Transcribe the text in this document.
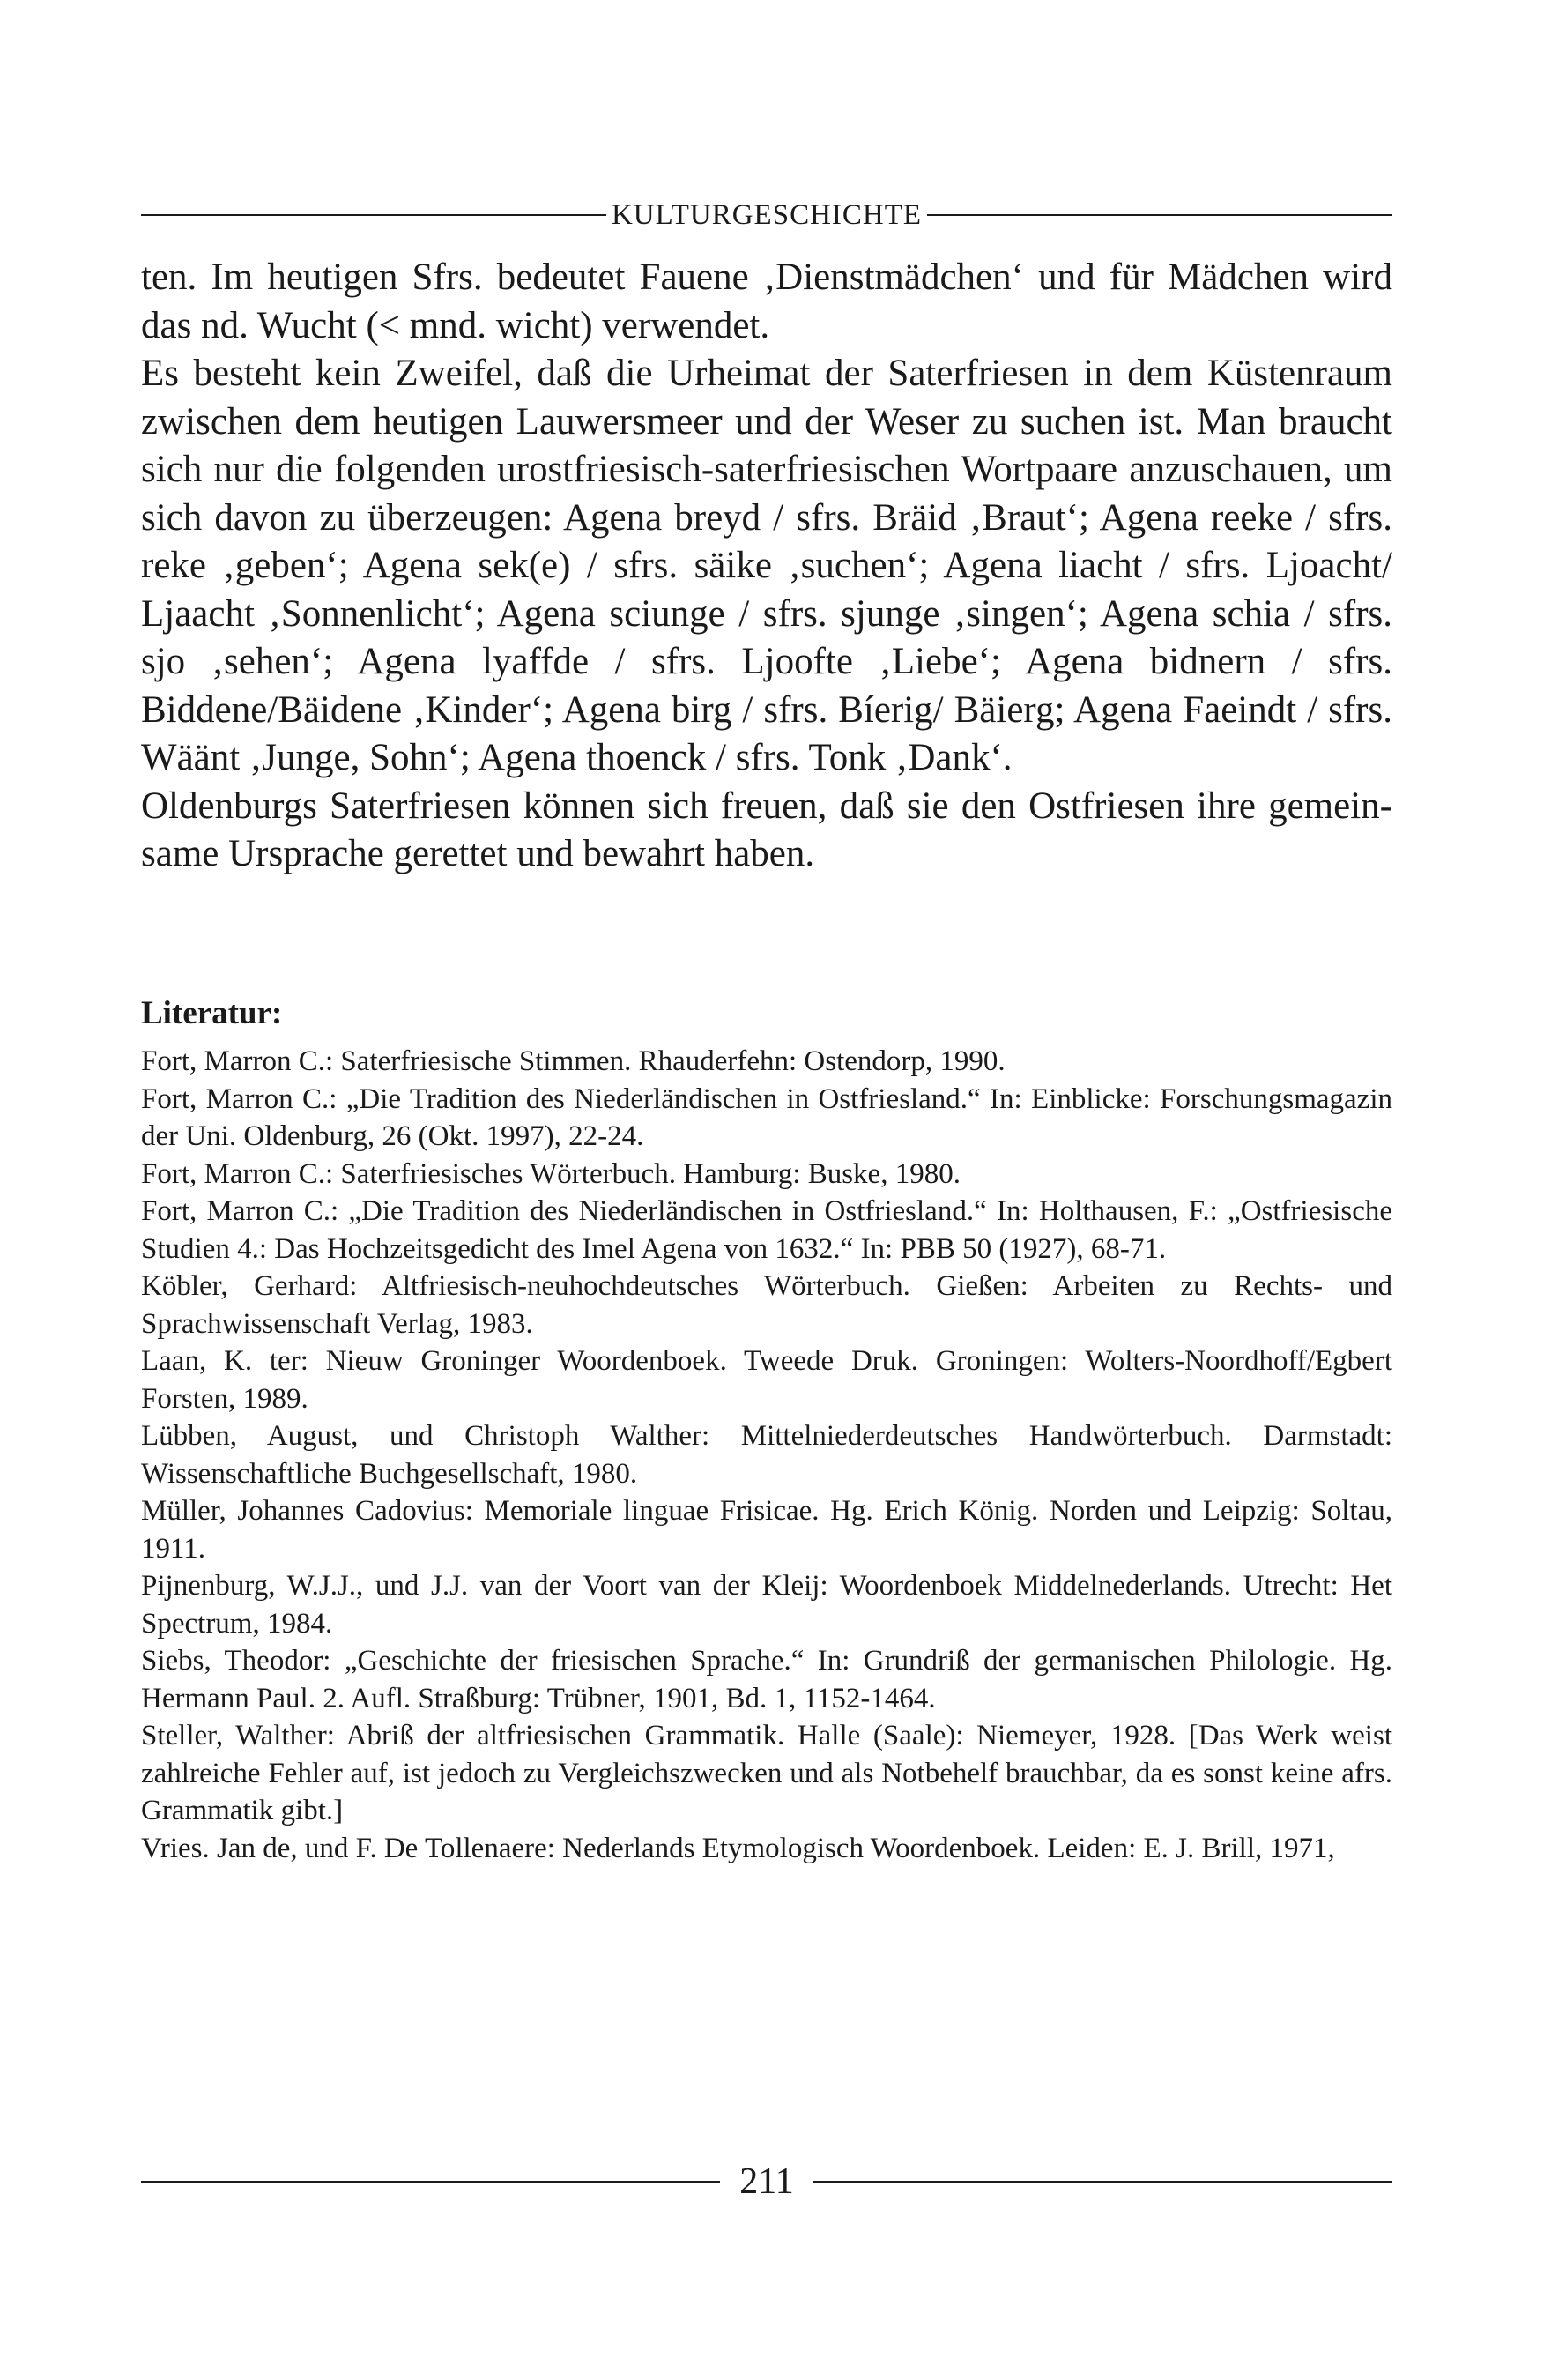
KULTURGESCHICHTE

ten. Im heutigen Sfrs. bedeutet Fauene ‚Dienstmädchen‘ und für Mädchen wird das nd. Wucht (< mnd. wicht) verwendet.

Es besteht kein Zweifel, daß die Urheimat der Saterfriesen in dem Küstenraum zwischen dem heutigen Lauwersmeer und der Weser zu suchen ist. Man braucht sich nur die folgenden urostfriesisch-saterfriesischen Wortpaare anzuschauen, um sich davon zu überzeugen: Agena breyd / sfrs. Bräid ‚Braut‘; Agena reeke / sfrs. reke ‚geben‘; Agena sek(e) / sfrs. säike ‚suchen‘; Agena liacht / sfrs. Ljoacht/ Ljaacht ‚Sonnenlicht‘; Agena sciunge / sfrs. sjunge ‚singen‘; Agena schia / sfrs. sjo ‚sehen‘; Agena lyaffde / sfrs. Ljoofte ‚Liebe‘; Agena bidnern / sfrs. Biddene/Bäidene ‚Kinder‘; Agena birg / sfrs. Bíerig/ Bäierg; Agena Faeindt / sfrs. Wäänt ‚Junge, Sohn‘; Agena thoenck / sfrs. Tonk ‚Dank‘.

Oldenburgs Saterfriesen können sich freuen, daß sie den Ostfriesen ihre gemeinsame Ursprache gerettet und bewahrt haben.

Literatur:
Fort, Marron C.: Saterfriesische Stimmen. Rhauderfehn: Ostendorp, 1990.
Fort, Marron C.: „Die Tradition des Niederländischen in Ostfriesland.“ In: Einblicke: Forschungsmagazin der Uni. Oldenburg, 26 (Okt. 1997), 22-24.
Fort, Marron C.: Saterfriesisches Wörterbuch. Hamburg: Buske, 1980.
Fort, Marron C.: „Die Tradition des Niederländischen in Ostfriesland.“ In: Holthausen, F.: „Ostfriesische Studien 4.: Das Hochzeitsgedicht des Imel Agena von 1632.“ In: PBB 50 (1927), 68-71.
Köbler, Gerhard: Altfriesisch-neuhochdeutsches Wörterbuch. Gießen: Arbeiten zu Rechts- und Sprachwissenschaft Verlag, 1983.
Laan, K. ter: Nieuw Groninger Woordenboek. Tweede Druk. Groningen: Wolters-Noordhoff/Egbert Forsten, 1989.
Lübben, August, und Christoph Walther: Mittelniederdeutsches Handwörterbuch. Darmstadt: Wissenschaftliche Buchgesellschaft, 1980.
Müller, Johannes Cadovius: Memoriale linguae Frisicae. Hg. Erich König. Norden und Leipzig: Soltau, 1911.
Pijnenburg, W.J.J., und J.J. van der Voort van der Kleij: Woordenboek Middelnederlands. Utrecht: Het Spectrum, 1984.
Siebs, Theodor: „Geschichte der friesischen Sprache.“ In: Grundriß der germanischen Philologie. Hg. Hermann Paul. 2. Aufl. Straßburg: Trübner, 1901, Bd. 1, 1152-1464.
Steller, Walther: Abriß der altfriesischen Grammatik. Halle (Saale): Niemeyer, 1928. [Das Werk weist zahlreiche Fehler auf, ist jedoch zu Vergleichszwecken und als Notbehelf brauchbar, da es sonst keine afrs. Grammatik gibt.]
Vries. Jan de, und F. De Tollenaere: Nederlands Etymologisch Woordenboek. Leiden: E. J. Brill, 1971,
211
